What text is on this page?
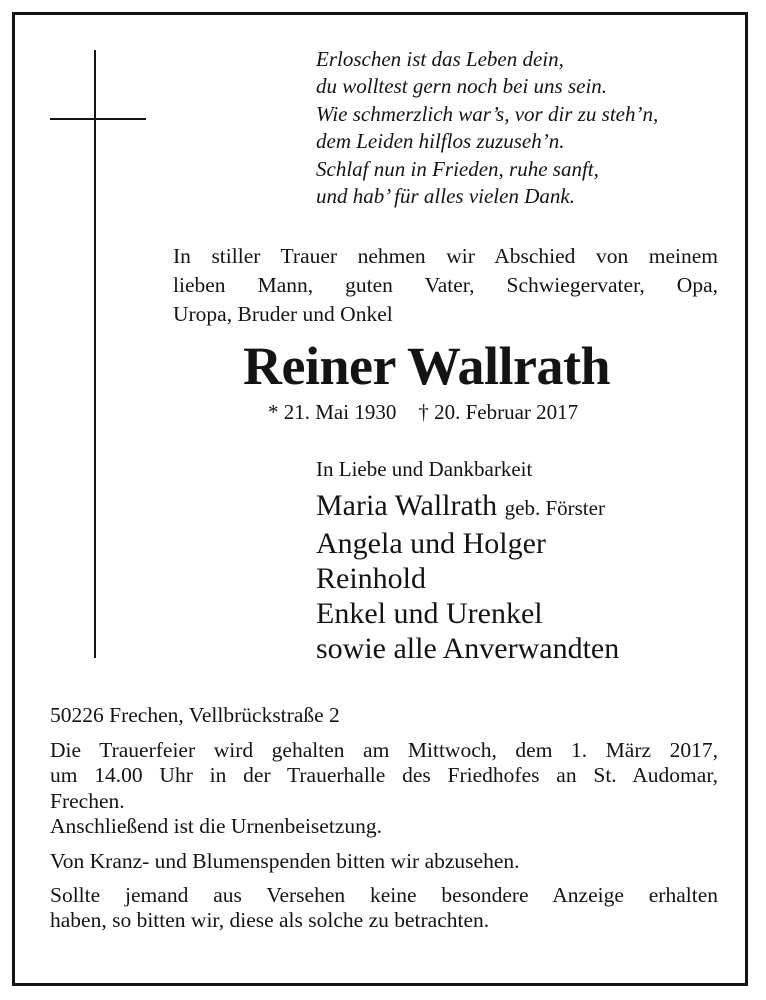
Erloschen ist das Leben dein,
du wolltest gern noch bei uns sein.
Wie schmerzlich war’s, vor dir zu steh’n,
dem Leiden hilflos zuzuseh’n.
Schlaf nun in Frieden, ruhe sanft,
und hab’ für alles vielen Dank.

In stiller Trauer nehmen wir Abschied von meinem
lieben Mann, guten Vater, Schwiegervater, Opa,
Uropa, Bruder und Onkel

Reiner Wallrath

* 21. Mai 1930 † 20. Februar 2017

In Liebe und Dankbarkeit

Maria Wallrath geb. Förster
Angela und Holger
Reinhold
Enkel und Urenkel
sowie alle Anverwandten

50226 Frechen, Vellbrückstraße 2

Die Trauerfeier wird gehalten am Mittwoch, dem 1. März 2017,
um 14.00 Uhr in der Trauerhalle des Friedhofes an St. Audomar,
Frechen.

Anschließend ist die Urnenbeisetzung.

Von Kranz- und Blumenspenden bitten wir abzusehen.

Sollte jemand aus Versehen keine besondere Anzeige erhalten
haben, so bitten wir, diese als solche zu betrachten.
